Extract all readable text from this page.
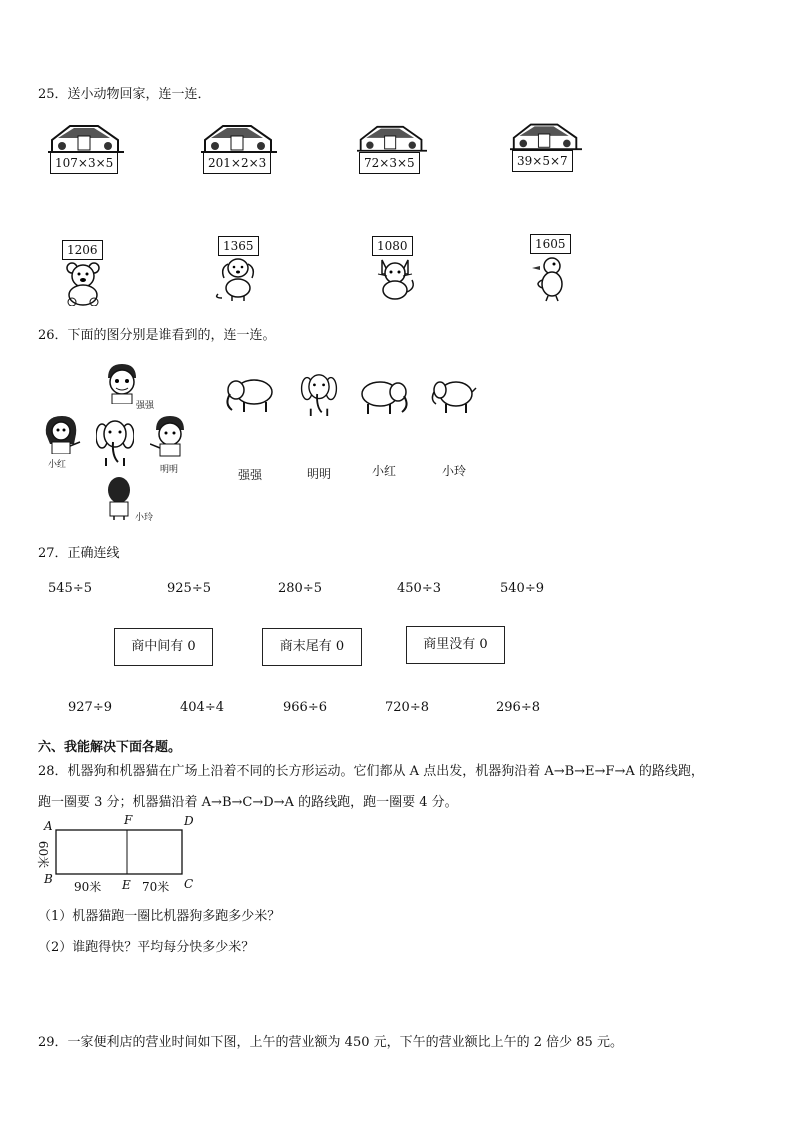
25．送小动物回家，连一连．
107×3×5	201×2×3	72×3×5	39×5×7
1206	1365	1080	1605
26．下面的图分别是谁看到的，连一连。
强强
小红	明明
小玲
强强	明明	小红	小玲
27．正确连线
545÷5	925÷5	280÷5	450÷3	540÷9
商中间有 0	商末尾有 0	商里没有 0
927÷9	404÷4	966÷6	720÷8	296÷8
六、我能解决下面各题。
28．机器狗和机器猫在广场上沿着不同的长方形运动。它们都从 A 点出发，机器狗沿着 A→B→E→F→A 的路线跑，
跑一圈要 3 分；机器猫沿着 A→B→C→D→A 的路线跑，跑一圈要 4 分。
A	F	D
B	E	C
60米
90米	70米
（1）机器猫跑一圈比机器狗多跑多少米？
（2）谁跑得快？平均每分快多少米？
29．一家便利店的营业时间如下图，上午的营业额为 450 元，下午的营业额比上午的 2 倍少 85 元。
